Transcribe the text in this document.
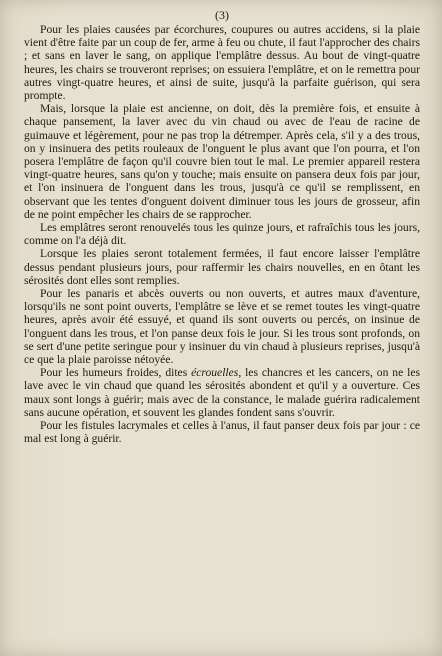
(3)

Pour les plaies causées par écorchures, coupures ou autres accidens, si la plaie vient d'être faite par un coup de fer, arme à feu ou chute, il faut l'approcher des chairs ; et sans en laver le sang, on applique l'emplâtre dessus. Au bout de vingt-quatre heures, les chairs se trouveront reprises; on essuiera l'emplâtre, et on le remettra pour autres vingt-quatre heures, et ainsi de suite, jusqu'à la parfaite guérison, qui sera prompte.

Mais, lorsque la plaie est ancienne, on doit, dès la première fois, et ensuite à chaque pansement, la laver avec du vin chaud ou avec de l'eau de racine de guimauve et légèrement, pour ne pas trop la détremper. Après cela, s'il y a des trous, on y insinuera des petits rouleaux de l'onguent le plus avant que l'on pourra, et l'on posera l'emplâtre de façon qu'il couvre bien tout le mal. Le premier appareil restera vingt-quatre heures, sans qu'on y touche; mais ensuite on pansera deux fois par jour, et l'on insinuera de l'onguent dans les trous, jusqu'à ce qu'il se remplissent, en observant que les tentes d'onguent doivent diminuer tous les jours de grosseur, afin de ne point empêcher les chairs de se rapprocher.

Les emplâtres seront renouvelés tous les quinze jours, et rafraîchis tous les jours, comme on l'a déjà dit.

Lorsque les plaies seront totalement fermées, il faut encore laisser l'emplâtre dessus pendant plusieurs jours, pour raffermir les chairs nouvelles, en en ôtant les sérosités dont elles sont remplies.

Pour les panaris et abcès ouverts ou non ouverts, et autres maux d'aventure, lorsqu'ils ne sont point ouverts, l'emplâtre se lève et se remet toutes les vingt-quatre heures, après avoir été essuyé, et quand ils sont ouverts ou percés, on insinue de l'onguent dans les trous, et l'on panse deux fois le jour. Si les trous sont profonds, on se sert d'une petite seringue pour y insinuer du vin chaud à plusieurs reprises, jusqu'à ce que la plaie paroisse nétoyée.

Pour les humeurs froides, dites écrouelles, les chancres et les cancers, on ne les lave avec le vin chaud que quand les sérosités abondent et qu'il y a ouverture. Ces maux sont longs à guérir; mais avec de la constance, le malade guérira radicalement sans aucune opération, et souvent les glandes fondent sans s'ouvrir.

Pour les fistules lacrymales et celles à l'anus, il faut panser deux fois par jour : ce mal est long à guérir.
